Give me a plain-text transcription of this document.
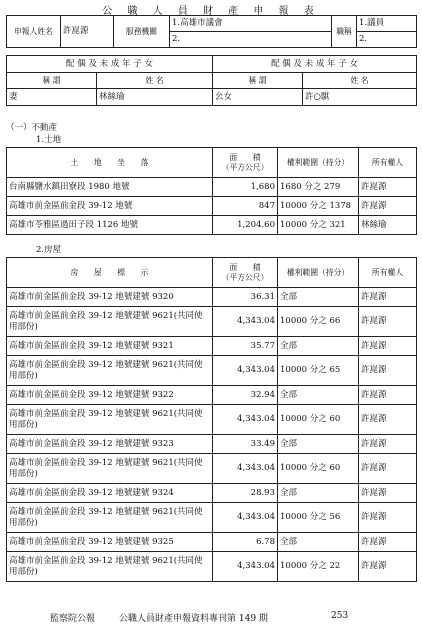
公 職 人 員 財 產 申 報 表
申報人姓名	許崑源	服務機關	1.高雄市議會	職稱	1.議員
			2.		2.
配 偶 及 未 成 年 子 女		配 偶 及 未 成 年 子 女	
稱 謂	姓 名	稱 謂	姓 名
妻	林絲瑜	㕕女	許○騏
（一）不動產
1.土地
土　　地　　坐　　落	面　　積
（平方公尺）	權利範圍（持分）	所有權人
台南縣鹽水鎮田寮段 1980 地號	1,680	1680 分之 279	許崑源
高雄市前金區前金段 39-12 地號	847	10000 分之 1378	許崑源
高雄市苓雅區過田子段 1126 地號	1,204.60	10000 分之 321	林絲瑜
2.房屋
房　　屋　　標　　示	面　　積
（平方公尺）	權利範圍（持分）	所有權人
高雄市前金區前金段 39-12 地號建號 9320	36.31	全部	許崑源
高雄市前金區前金段 39-12 地號建號 9621(共同使用部份)	4,343.04	10000 分之 66	許崑源
高雄市前金區前金段 39-12 地號建號 9321	35.77	全部	許崑源
高雄市前金區前金段 39-12 地號建號 9621(共同使用部份)	4,343.04	10000 分之 65	許崑源
高雄市前金區前金段 39-12 地號建號 9322	32.94	全部	許崑源
高雄市前金區前金段 39-12 地號建號 9621(共同使用部份)	4,343.04	10000 分之 60	許崑源
高雄市前金區前金段 39-12 地號建號 9323	33.49	全部	許崑源
高雄市前金區前金段 39-12 地號建號 9621(共同使用部份)	4,343.04	10000 分之 60	許崑源
高雄市前金區前金段 39-12 地號建號 9324	28.93	全部	許崑源
高雄市前金區前金段 39-12 地號建號 9621(共同使用部份)	4,343.04	10000 分之 56	許崑源
高雄市前金區前金段 39-12 地號建號 9325	6.78	全部	許崑源
高雄市前金區前金段 39-12 地號建號 9621(共同使用部份)	4,343.04	10000 分之 22	許崑源
監察院公報	公職人員財產申報資料專刊第 149 期	253
